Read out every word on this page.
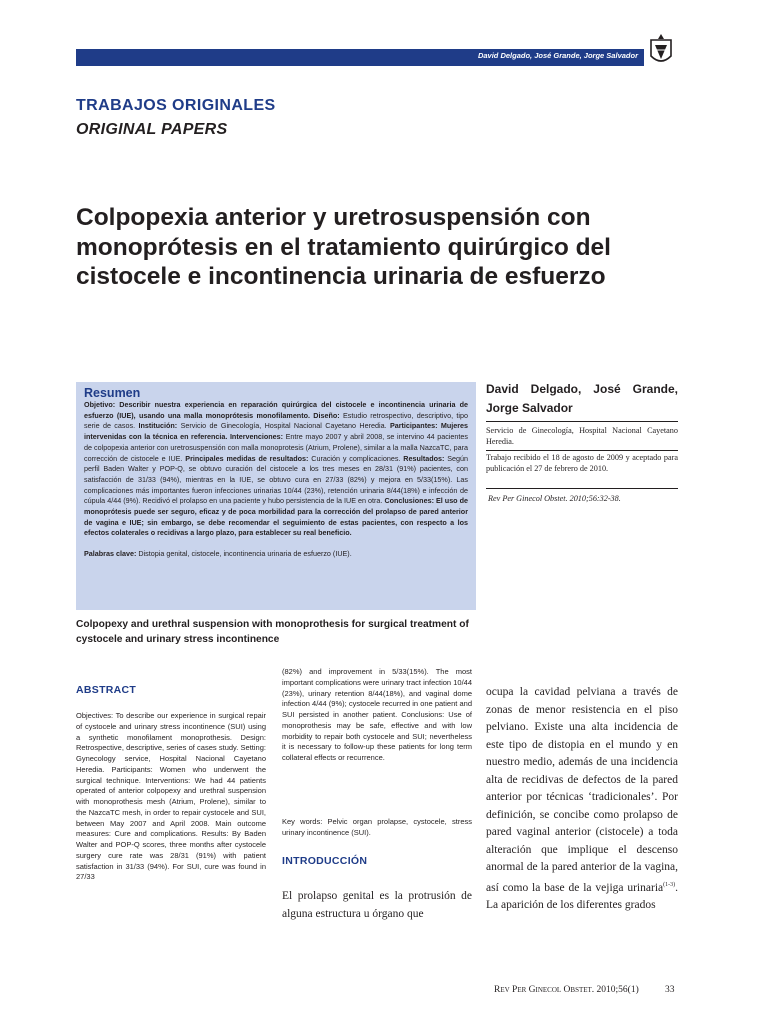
David Delgado, José Grande, Jorge Salvador
TRABAJOS ORIGINALES
ORIGINAL PAPERS
Colpopexia anterior y uretrosuspensión con monoprótesis en el tratamiento quirúrgico del cistocele e incontinencia urinaria de esfuerzo
Resumen

Objetivo: Describir nuestra experiencia en reparación quirúrgica del cistocele e incontinencia urinaria de esfuerzo (IUE), usando una malla monoprótesis monofilamento. Diseño: Estudio retrospectivo, descriptivo, tipo serie de casos. Institución: Servicio de Ginecología, Hospital Nacional Cayetano Heredia. Participantes: Mujeres intervenidas con la técnica en referencia. Intervenciones: Entre mayo 2007 y abril 2008, se intervino 44 pacientes de colpopexia anterior con uretrosuspensión con malla monoprotesis (Atrium, Prolene), similar a la malla NazcaTC, para corrección de cistocele e IUE. Principales medidas de resultados: Curación y complicaciones. Resultados: Según perfil Baden Walter y POP-Q, se obtuvo curación del cistocele a los tres meses en 28/31 (91%) pacientes, con satisfacción de 31/33 (94%), mientras en la IUE, se obtuvo cura en 27/33 (82%) y mejora en 5/33(15%). Las complicaciones más importantes fueron infecciones urinarias 10/44 (23%), retención urinaria 8/44(18%) e infección de cúpula 4/44 (9%). Recidivó el prolapso en una paciente y hubo persistencia de la IUE en otra. Conclusiones: El uso de monoprótesis puede ser seguro, eficaz y de poca morbilidad para la corrección del prolapso de pared anterior de vagina e IUE; sin embargo, se debe recomendar el seguimiento de estas pacientes, con respecto a los efectos colaterales o recidivas a largo plazo, para establecer su real beneficio.

Palabras clave: Distopia genital, cistocele, incontinencia urinaria de esfuerzo (IUE).

David Delgado, José Grande, Jorge Salvador
Servicio de Ginecología, Hospital Nacional Cayetano Heredia.
Trabajo recibido el 18 de agosto de 2009 y aceptado para publicación el 27 de febrero de 2010.
Rev Per Ginecol Obstet. 2010;56:32-38.
Colpopexy and urethral suspension with monoprothesis for surgical treatment of cystocele and urinary stress incontinence
ABSTRACT

Objectives: To describe our experience in surgical repair of cystocele and urinary stress incontinence (SUI) using a synthetic monofilament monoprothesis. Design: Retrospective, descriptive, series of cases study. Setting: Gynecology service, Hospital Nacional Cayetano Heredia. Participants: Women who underwent the surgical technique. Interventions: We had 44 patients operated of anterior colpopexy and urethral suspension with monoprothesis mesh (Atrium, Prolene), similar to the NazcaTC mesh, in order to repair cystocele and SUI, between May 2007 and April 2008. Main outcome measures: Cure and complications. Results: By Baden Walter and POP-Q scores, three months after cystocele surgery cure rate was 28/31 (91%) with patient satisfaction in 31/33 (94%). For SUI, cure was found in 27/33

(82%) and improvement in 5/33(15%). The most important complications were urinary tract infection 10/44 (23%), urinary retention 8/44(18%), and vaginal dome infection 4/44 (9%); cystocele recurred in one patient and SUI persisted in another patient. Conclusions: Use of monoprothesis may be safe, effective and with low morbidity to repair both cystocele and SUI; nevertheless it is necessary to follow-up these patients for long term collateral effects or recurrence.

Key words: Pelvic organ prolapse, cystocele, stress urinary incontinence (SUI).

INTRODUCCIÓN

El prolapso genital es la protrusión de alguna estructura u órgano que

ocupa la cavidad pelviana a través de zonas de menor resistencia en el piso pelviano. Existe una alta incidencia de este tipo de distopia en el mundo y en nuestro medio, además de una incidencia alta de recidivas de defectos de la pared anterior por técnicas ‘tradicionales’. Por definición, se concibe como prolapso de pared vaginal anterior (cistocele) a toda alteración que implique el descenso anormal de la pared anterior de la vagina, así como la base de la vejiga urinaria$^{(1-3)}$. La aparición de los diferentes grados

Rev Per Ginecol Obstet. 2010;56(1)	33
